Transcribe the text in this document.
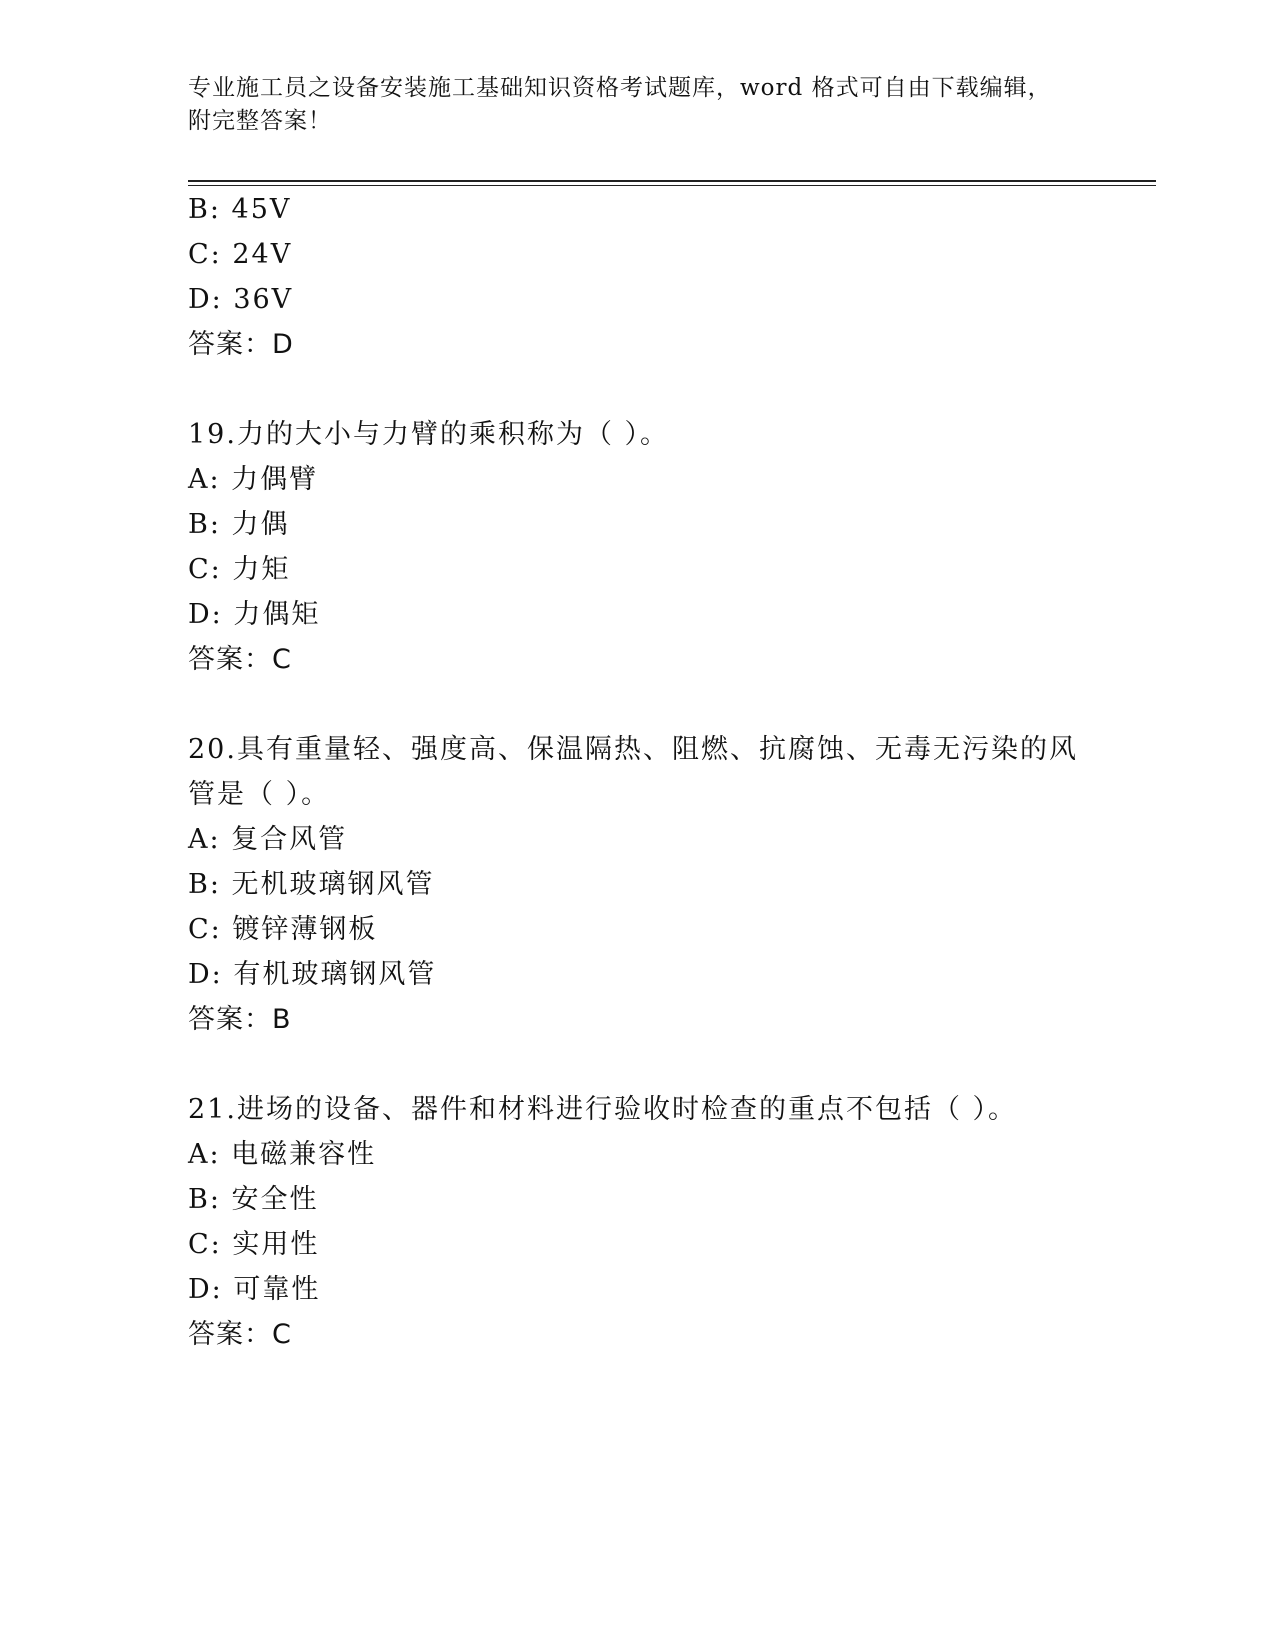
专业施工员之设备安装施工基础知识资格考试题库，word 格式可自由下载编辑，
附完整答案！
B: 45V
C: 24V
D: 36V
答案：D
19.力的大小与力臂的乘积称为（ ）。
A: 力偶臂
B: 力偶
C: 力矩
D: 力偶矩
答案：C
20.具有重量轻、强度高、保温隔热、阻燃、抗腐蚀、无毒无污染的风
管是（ ）。
A: 复合风管
B: 无机玻璃钢风管
C: 镀锌薄钢板
D: 有机玻璃钢风管
答案：B
21.进场的设备、器件和材料进行验收时检查的重点不包括（ ）。
A: 电磁兼容性
B: 安全性
C: 实用性
D: 可靠性
答案：C
